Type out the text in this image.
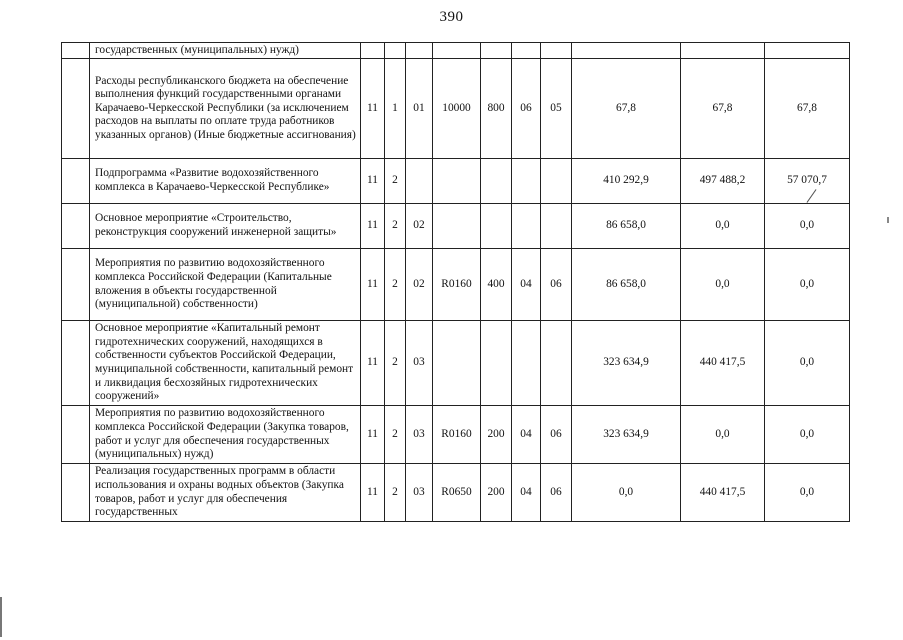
390
	государственных (муниципальных) нужд)										
	Расходы республиканского бюджета на обеспечение выполнения функций государственными органами Карачаево-Черкесской Республики (за исключением расходов на выплаты по оплате труда работников указанных органов) (Иные бюджетные ассигнования)	11	1	01	10000	800	06	05	67,8	67,8	67,8
	Подпрограмма «Развитие водохозяйственного комплекса в Карачаево-Черкесской Республике»	11	2						410 292,9	497 488,2	57 070,7
	Основное мероприятие «Строительство, реконструкция сооружений инженерной защиты»	11	2	02					86 658,0	0,0	0,0
	Мероприятия по развитию водохозяйственного комплекса Российской Федерации (Капитальные вложения в объекты государственной (муниципальной) собственности)	11	2	02	R0160	400	04	06	86 658,0	0,0	0,0
	Основное мероприятие «Капитальный ремонт гидротехнических сооружений, находящихся в собственности субъектов Российской Федерации, муниципальной собственности, капитальный ремонт и ликвидация бесхозяйных гидротехнических сооружений»	11	2	03					323 634,9	440 417,5	0,0
	Мероприятия по развитию водохозяйственного комплекса Российской Федерации (Закупка товаров, работ и услуг для обеспечения государственных (муниципальных) нужд)	11	2	03	R0160	200	04	06	323 634,9	0,0	0,0
	Реализация государственных программ в области использования и охраны водных объектов (Закупка товаров, работ и услуг для обеспечения государственных	11	2	03	R0650	200	04	06	0,0	440 417,5	0,0
